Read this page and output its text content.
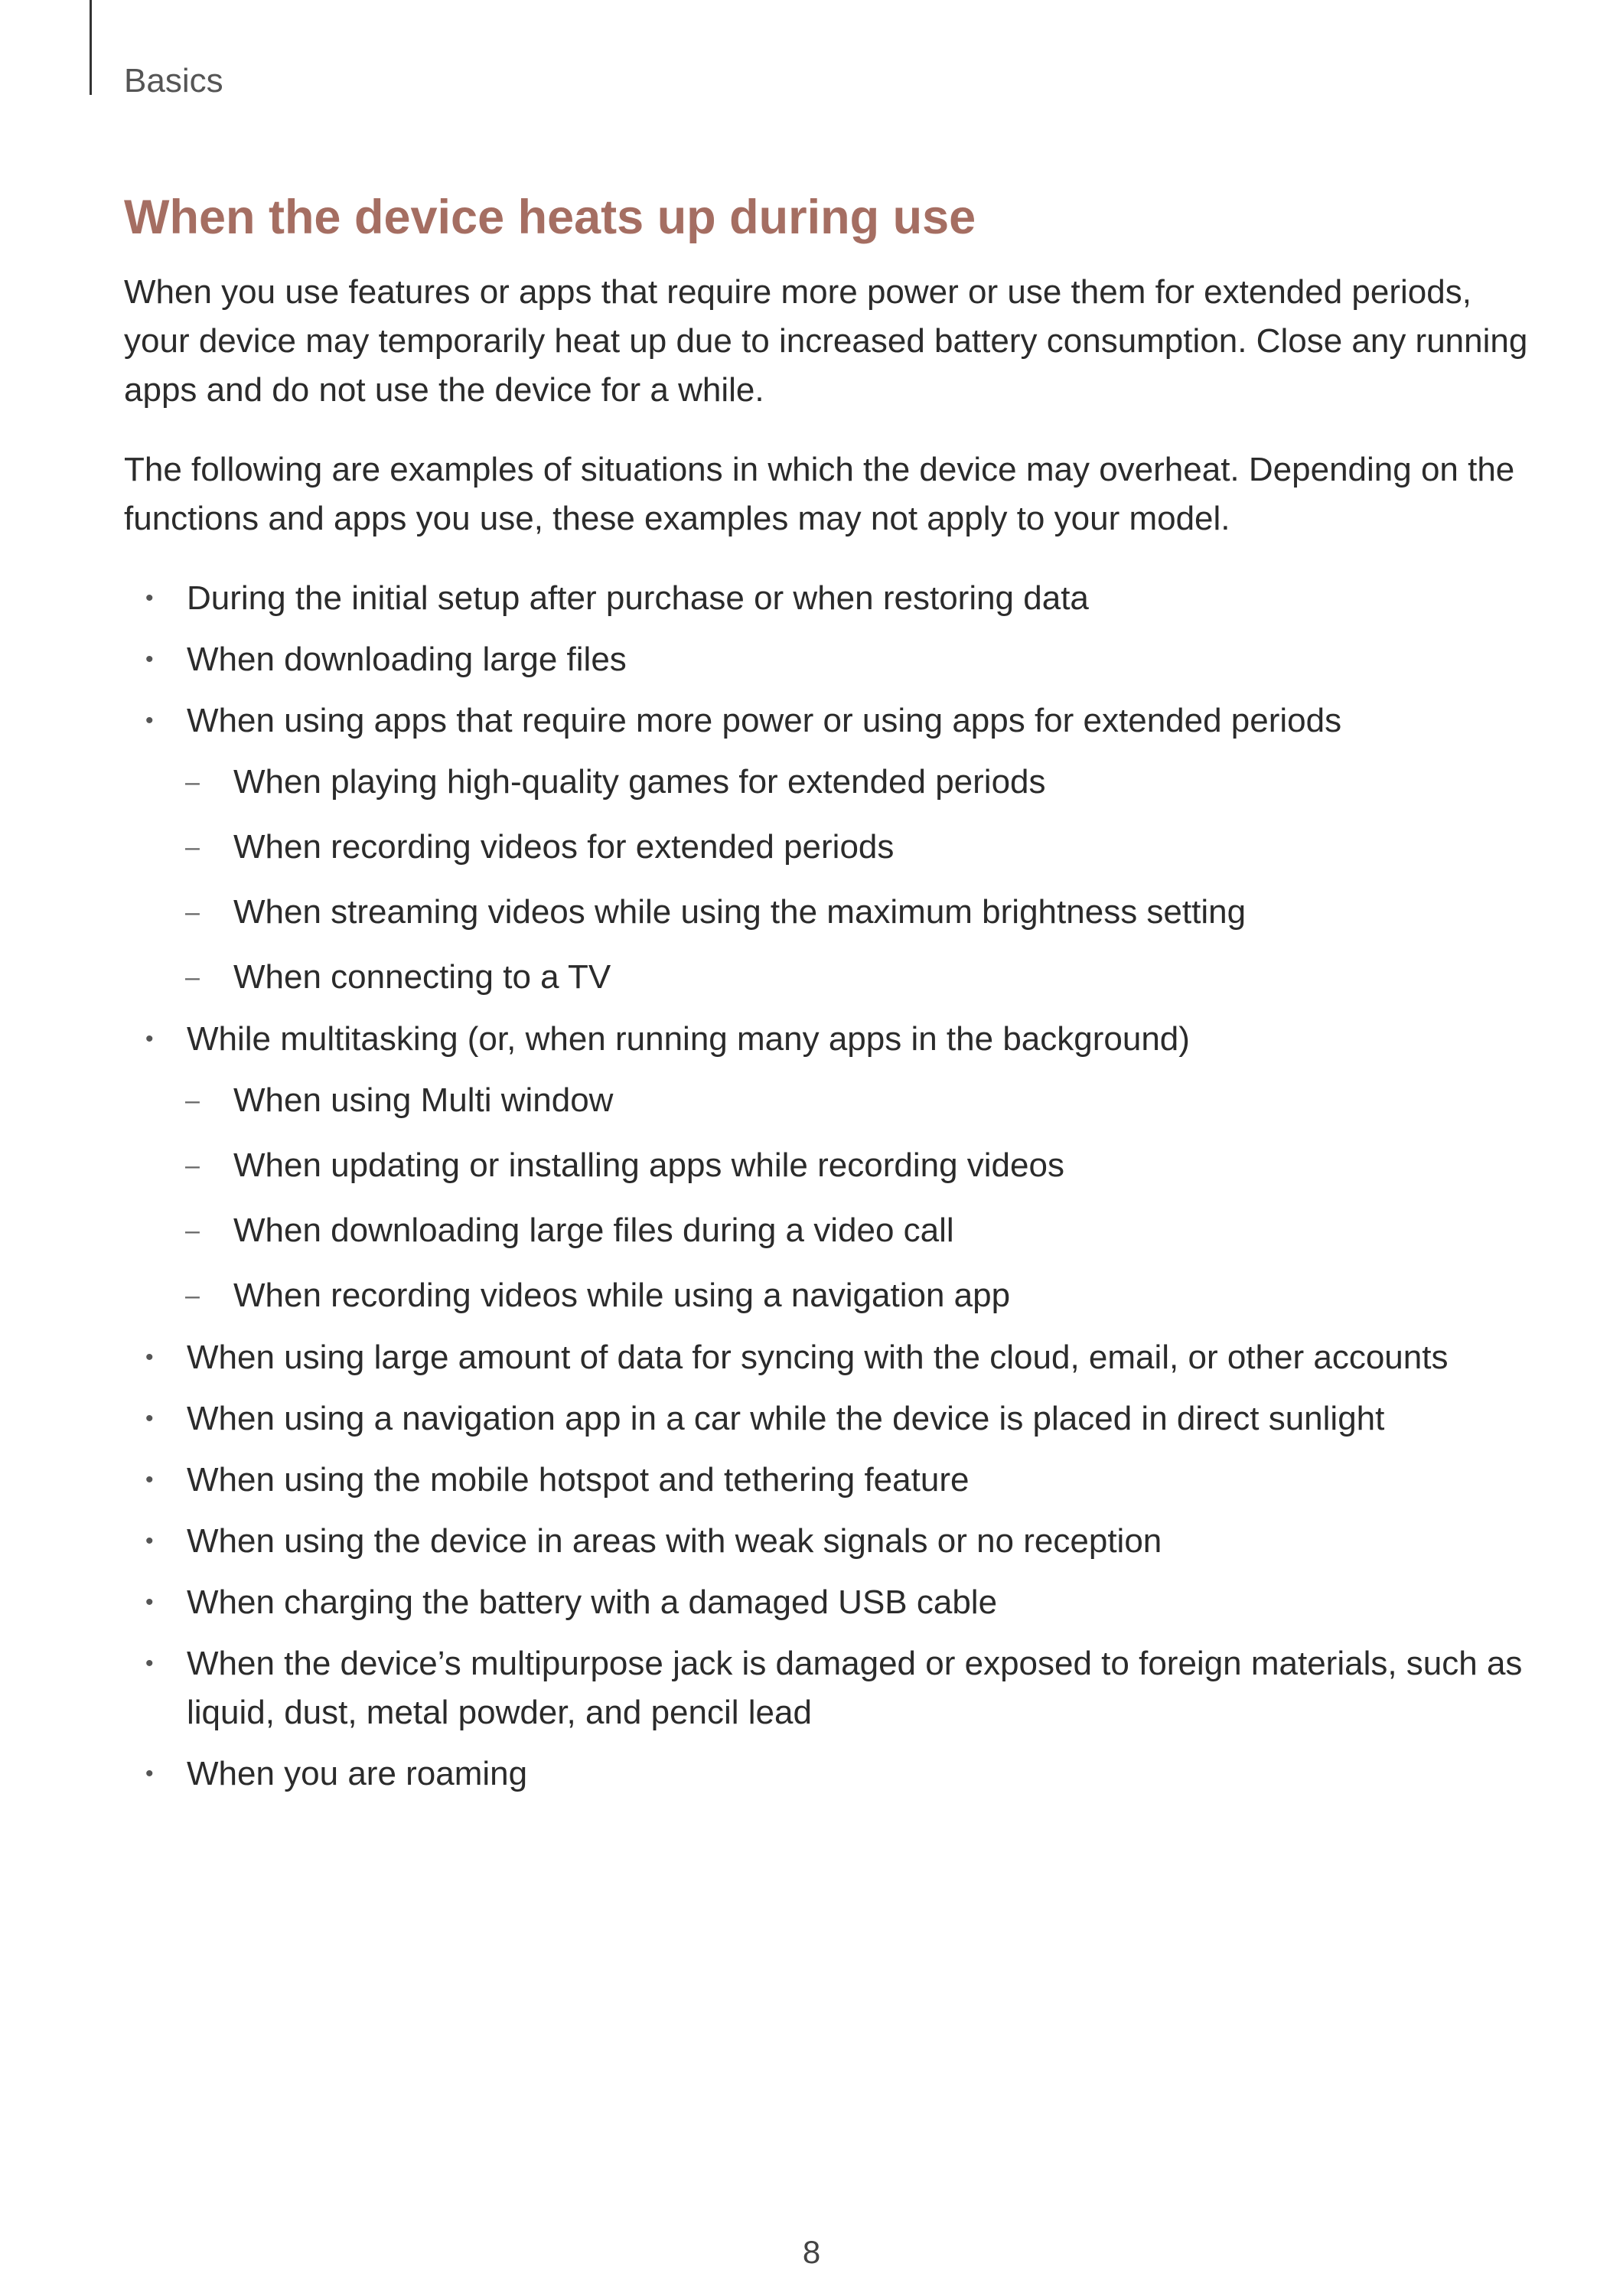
Basics
When the device heats up during use

When you use features or apps that require more power or use them for extended periods, your device may temporarily heat up due to increased battery consumption. Close any running apps and do not use the device for a while.

The following are examples of situations in which the device may overheat. Depending on the functions and apps you use, these examples may not apply to your model.

• During the initial setup after purchase or when restoring data
• When downloading large files
• When using apps that require more power or using apps for extended periods
– When playing high-quality games for extended periods
– When recording videos for extended periods
– When streaming videos while using the maximum brightness setting
– When connecting to a TV
• While multitasking (or, when running many apps in the background)
– When using Multi window
– When updating or installing apps while recording videos
– When downloading large files during a video call
– When recording videos while using a navigation app
• When using large amount of data for syncing with the cloud, email, or other accounts
• When using a navigation app in a car while the device is placed in direct sunlight
• When using the mobile hotspot and tethering feature
• When using the device in areas with weak signals or no reception
• When charging the battery with a damaged USB cable
• When the device’s multipurpose jack is damaged or exposed to foreign materials, such as liquid, dust, metal powder, and pencil lead
• When you are roaming
8
